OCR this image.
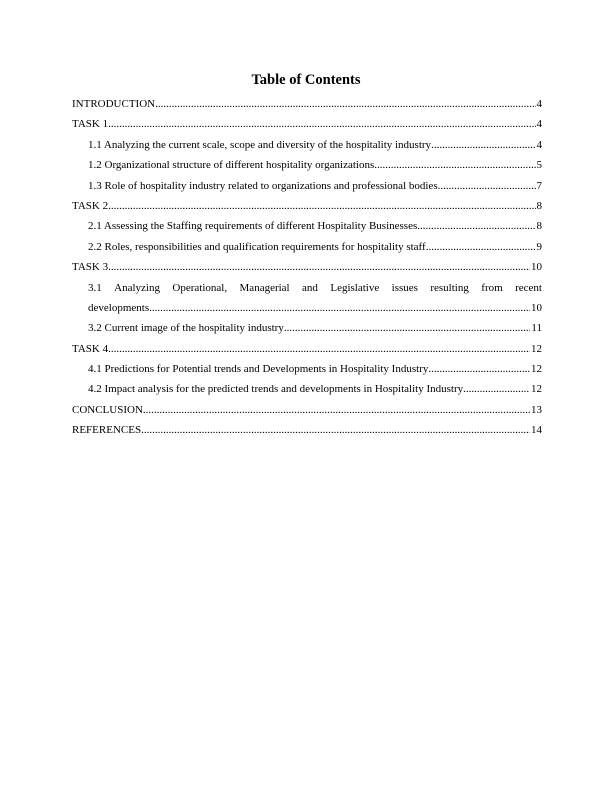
Table of Contents
INTRODUCTION .....	4
TASK 1 .....	4
1.1 Analyzing the current scale, scope and diversity of the hospitality industry .....	4
1.2 Organizational structure of different hospitality organizations .....	5
1.3 Role of hospitality industry related to organizations and professional bodies .....	7
TASK 2 .....	8
2.1 Assessing the Staffing requirements of different Hospitality Businesses .....	8
2.2 Roles, responsibilities and qualification requirements for hospitality staff .....	9
TASK 3 .....	10
3.1 Analyzing Operational, Managerial and Legislative issues resulting from recent
developments .....	10
3.2 Current image of the hospitality industry .....	11
TASK 4 .....	12
4.1 Predictions for Potential trends and Developments in Hospitality Industry .....	12
4.2 Impact analysis for the predicted trends and developments in Hospitality Industry .....	12
CONCLUSION .....	13
REFERENCES .....	14
